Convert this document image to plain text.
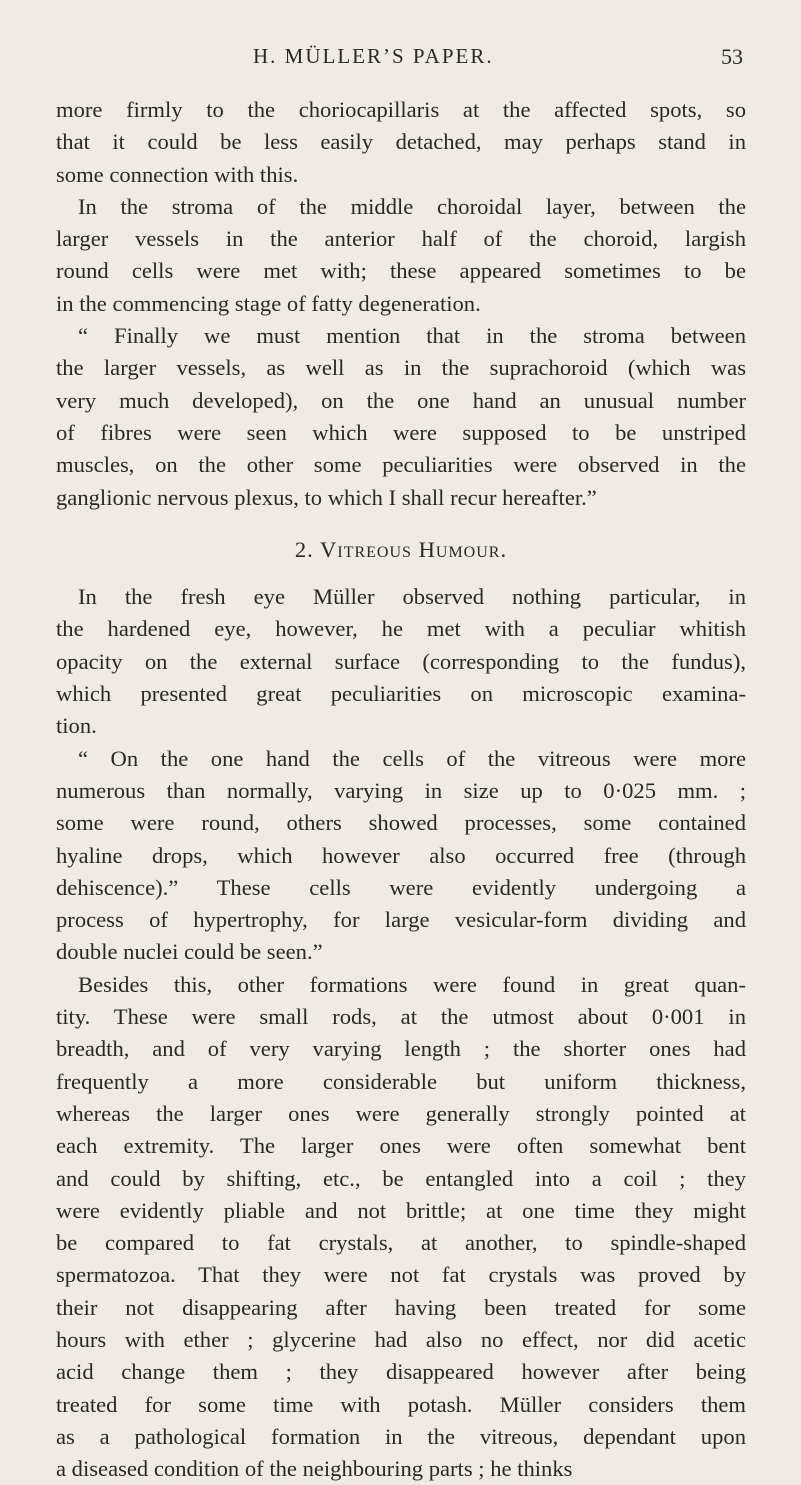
H. MÜLLER’S PAPER.	53
more firmly to the choriocapillaris at the affected spots, so
that it could be less easily detached, may perhaps stand in
some connection with this.
In the stroma of the middle choroidal layer, between the
larger vessels in the anterior half of the choroid, largish
round cells were met with; these appeared sometimes to be
in the commencing stage of fatty degeneration.
“ Finally we must mention that in the stroma between
the larger vessels, as well as in the suprachoroid (which was
very much developed), on the one hand an unusual number
of fibres were seen which were supposed to be unstriped
muscles, on the other some peculiarities were observed in the
ganglionic nervous plexus, to which I shall recur hereafter.”
2. Vitreous Humour.
In the fresh eye Müller observed nothing particular, in
the hardened eye, however, he met with a peculiar whitish
opacity on the external surface (corresponding to the fundus),
which presented great peculiarities on microscopic examina-
tion.
“ On the one hand the cells of the vitreous were more
numerous than normally, varying in size up to 0·025 mm. ;
some were round, others showed processes, some contained
hyaline drops, which however also occurred free (through
dehiscence).” These cells were evidently undergoing a
process of hypertrophy, for large vesicular-form dividing and
double nuclei could be seen.”
Besides this, other formations were found in great quan-
tity. These were small rods, at the utmost about 0·001 in
breadth, and of very varying length ; the shorter ones had
frequently a more considerable but uniform thickness,
whereas the larger ones were generally strongly pointed at
each extremity. The larger ones were often somewhat bent
and could by shifting, etc., be entangled into a coil ; they
were evidently pliable and not brittle; at one time they might
be compared to fat crystals, at another, to spindle-shaped
spermatozoa. That they were not fat crystals was proved by
their not disappearing after having been treated for some
hours with ether ; glycerine had also no effect, nor did acetic
acid change them ; they disappeared however after being
treated for some time with potash. Müller considers them
as a pathological formation in the vitreous, dependant upon
a diseased condition of the neighbouring parts ; he thinks
